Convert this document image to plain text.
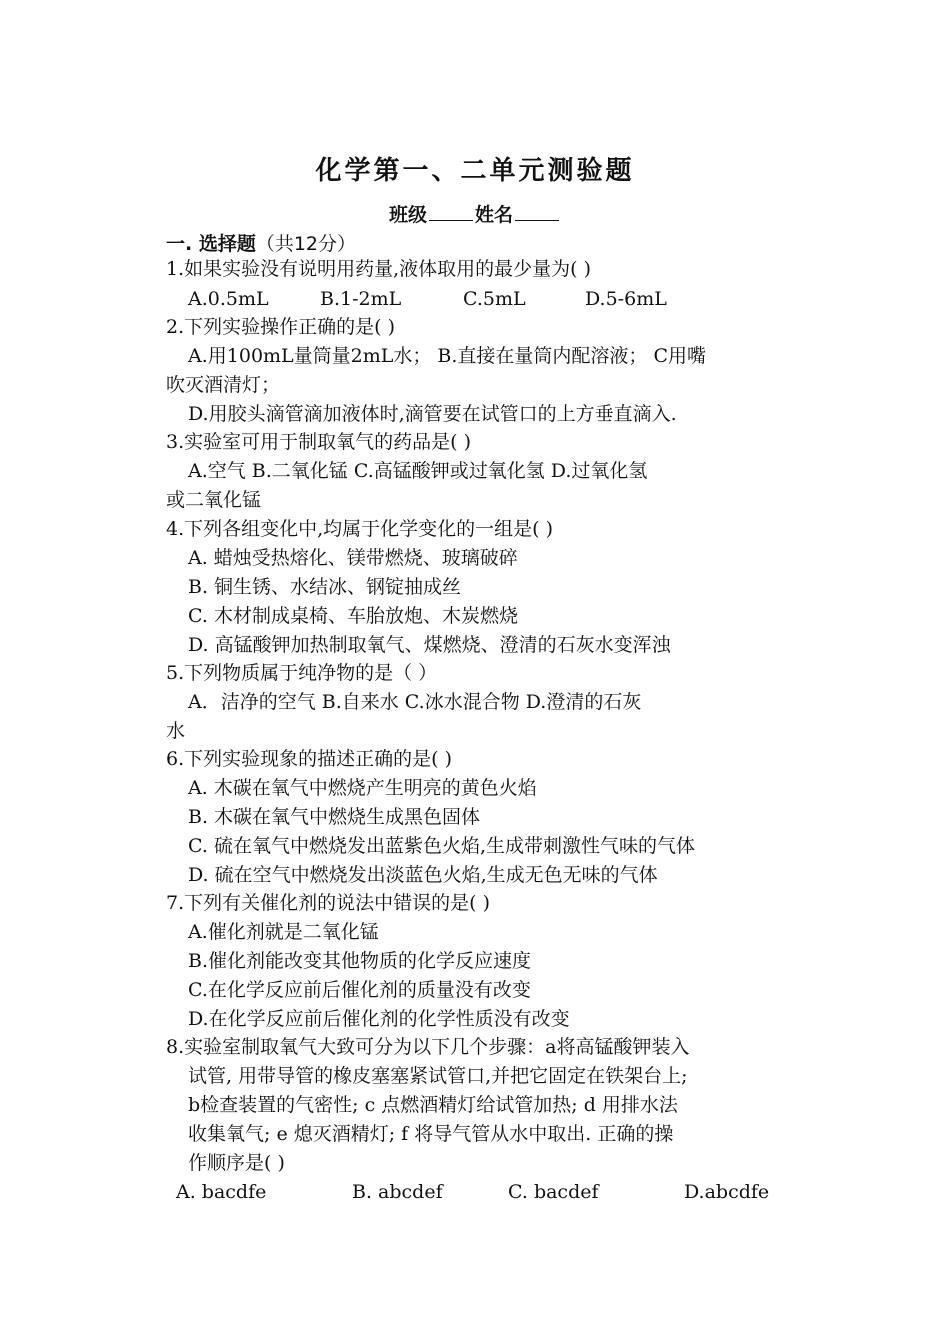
化学第一、二单元测验题
班级	姓名
一. 选择题（共12分）
1.如果实验没有说明用药量,液体取用的最少量为( )
A.0.5mL	B.1-2mL	C.5mL	D.5-6mL
2.下列实验操作正确的是( )
A.用100mL量筒量2mL水； B.直接在量筒内配溶液； C用嘴
吹灭酒清灯；
D.用胶头滴管滴加液体时,滴管要在试管口的上方垂直滴入.
3.实验室可用于制取氧气的药品是( )
A.空气 B.二氧化锰 C.高锰酸钾或过氧化氢 D.过氧化氢
或二氧化锰
4.下列各组变化中,均属于化学变化的一组是( )
A. 蜡烛受热熔化、镁带燃烧、玻璃破碎
B. 铜生锈、水结冰、钢锭抽成丝
C. 木材制成桌椅、车胎放炮、木炭燃烧
D. 高锰酸钾加热制取氧气、煤燃烧、澄清的石灰水变浑浊
5.下列物质属于纯净物的是（ ）
A．洁净的空气 B.自来水 C.冰水混合物 D.澄清的石灰
水
6.下列实验现象的描述正确的是( )
A. 木碳在氧气中燃烧产生明亮的黄色火焰
B. 木碳在氧气中燃烧生成黑色固体
C. 硫在氧气中燃烧发出蓝紫色火焰,生成带刺激性气味的气体
D. 硫在空气中燃烧发出淡蓝色火焰,生成无色无味的气体
7.下列有关催化剂的说法中错误的是( )
A.催化剂就是二氧化锰
B.催化剂能改变其他物质的化学反应速度
C.在化学反应前后催化剂的质量没有改变
D.在化学反应前后催化剂的化学性质没有改变
8.实验室制取氧气大致可分为以下几个步骤：a将高锰酸钾装入
试管, 用带导管的橡皮塞塞紧试管口,并把它固定在铁架台上;
b检查装置的气密性; c 点燃酒精灯给试管加热; d 用排水法
收集氧气; e 熄灭酒精灯; f 将导气管从水中取出. 正确的操
作顺序是( )
A. bacdfe	B. abcdef	C. bacdef	D.abcdfe
